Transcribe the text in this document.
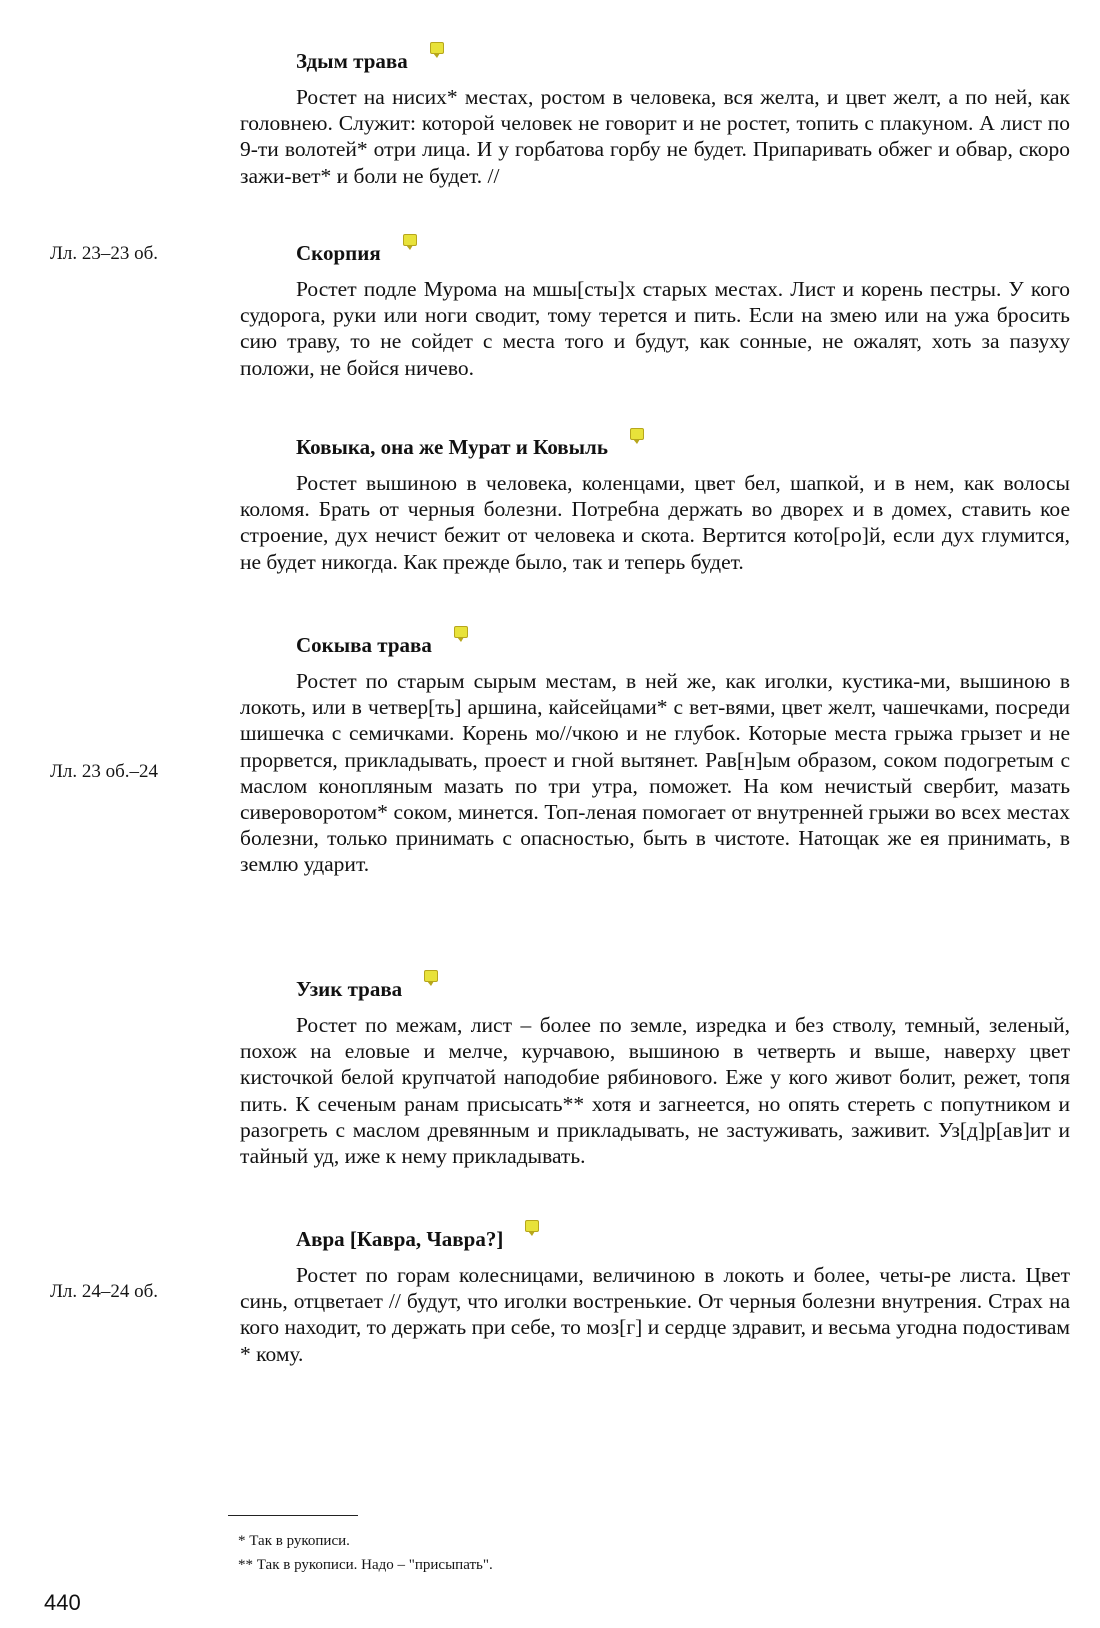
Лл. 23–23 об.
Лл. 23 об.–24
Лл. 24–24 об.
Здым трава

Ростет на нисих* местах, ростом в человека, вся желта, и цвет желт, а по ней, как головнею. Служит: которой человек не говорит и не ростет, топить с плакуном. А лист по 9-ти волотей* отри лица. И у горбатова горбу не будет. Припаривать обжег и обвар, скоро зажи-вет* и боли не будет. //

Скорпия

Ростет подле Мурома на мшы[сты]х старых местах. Лист и корень пестры. У кого судорога, руки или ноги сводит, тому терется и пить. Если на змею или на ужа бросить сию траву, то не сойдет с места того и будут, как сонные, не ожалят, хоть за пазуху положи, не бойся ничево.

Ковыка, она же Мурат и Ковыль

Ростет вышиною в человека, коленцами, цвет бел, шапкой, и в нем, как волосы коломя. Брать от черныя болезни. Потребна держать во дворех и в домех, ставить кое строение, дух нечист бежит от человека и скота. Вертится кото[ро]й, если дух глумится, не будет никогда. Как прежде было, так и теперь будет.

Сокыва трава

Ростет по старым сырым местам, в ней же, как иголки, кустика-ми, вышиною в локоть, или в четвер[ть] аршина, кайсейцами* с вет-вями, цвет желт, чашечками, посреди шишечка с семичками. Корень мо//чкою и не глубок. Которые места грыжа грызет и не прорвется, прикладывать, проест и гной вытянет. Рав[н]ым образом, соком подогретым с маслом конопляным мазать по три утра, поможет. На ком нечистый свербит, мазать сивероворотом* соком, минется. Топ-леная помогает от внутренней грыжи во всех местах болезни, только принимать с опасностью, быть в чистоте. Натощак же ея принимать, в землю ударит.

Узик трава

Ростет по межам, лист – более по земле, изредка и без стволу, темный, зеленый, похож на еловые и мелче, курчавою, вышиною в четверть и выше, наверху цвет кисточкой белой крупчатой наподобие рябинового. Еже у кого живот болит, режет, топя пить. К сеченым ранам присысать** хотя и загнеется, но опять стереть с попутником и разогреть с маслом древянным и прикладывать, не застуживать, заживит. Уз[д]р[ав]ит и тайный уд, иже к нему прикладывать.

Авра [Кавра, Чавра?]

Ростет по горам колесницами, величиною в локоть и более, четы-ре листа. Цвет синь, отцветает // будут, что иголки востренькие. От черныя болезни внутрения. Страх на кого находит, то держать при себе, то моз[г] и сердце здравит, и весьма угодна подостивам * кому.

* Так в рукописи.
** Так в рукописи. Надо – "присыпать".
440
